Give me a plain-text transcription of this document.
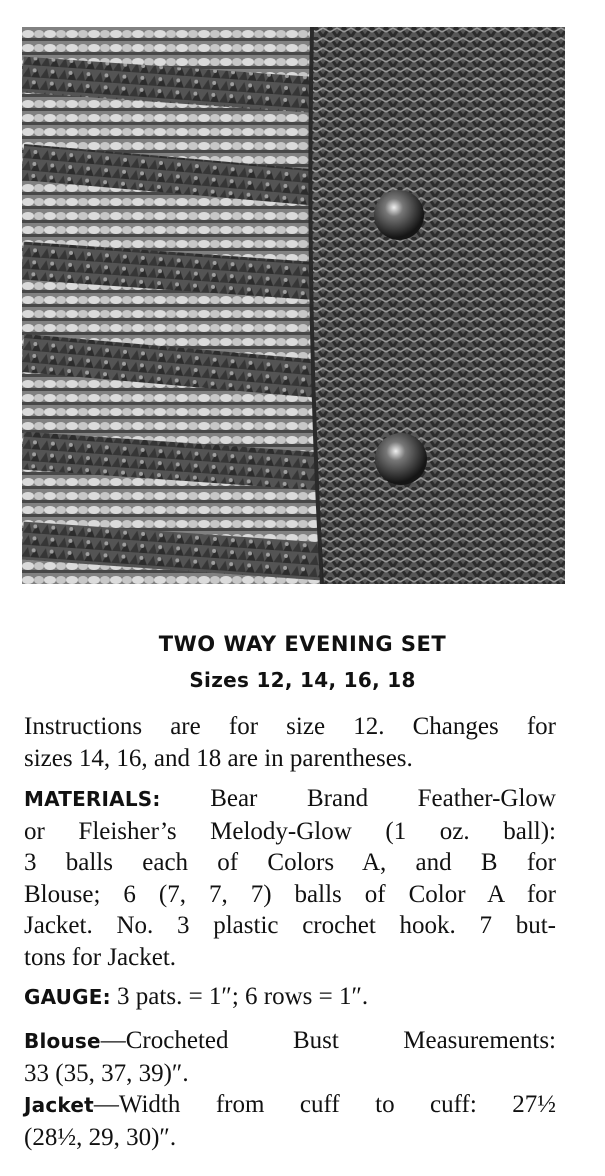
TWO WAY EVENING SET
Sizes 12, 14, 16, 18
Instructions are for size 12. Changes for
sizes 14, 16, and 18 are in parentheses.
MATERIALS: Bear Brand Feather-Glow
or Fleisher’s Melody-Glow (1 oz. ball):
3 balls each of Colors A, and B for
Blouse; 6 (7, 7, 7) balls of Color A for
Jacket. No. 3 plastic crochet hook. 7 but-
tons for Jacket.
GAUGE: 3 pats. = 1″; 6 rows = 1″.
Blouse—Crocheted Bust Measurements:
33 (35, 37, 39)″.
Jacket—Width from cuff to cuff: 27½
(28½, 29, 30)″.
